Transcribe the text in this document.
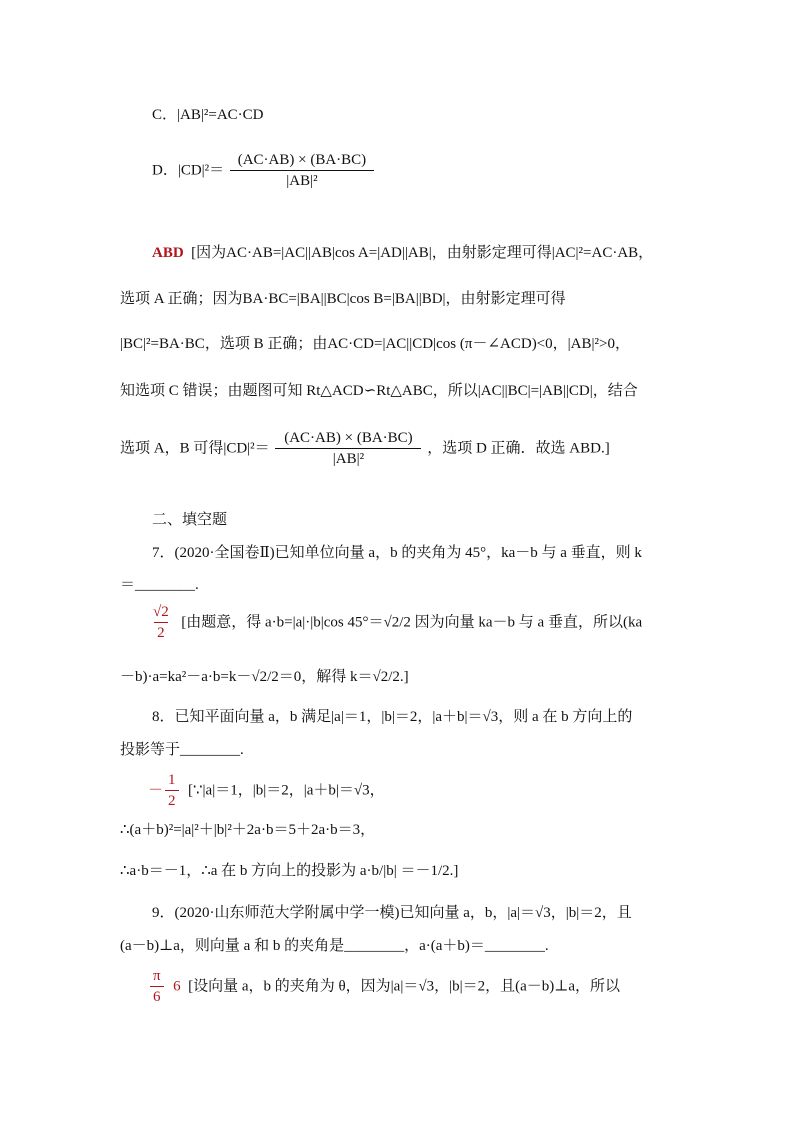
C．|AB|²=AC·CD
D．$|CD|^2= \frac{(AC\cdot AB) \times (BA\cdot BC)}{\text{|AB|²}}$
ABD [因为AC·AB=|AC||AB|cos A=|AD||AB|，由射影定理可得|AC|²=AC·AB，
选项 A 正确；因为BA·BC=|BA||BC|cos B=|BA||BD|，由射影定理可得
|BC|²=BA·BC，选项 B 正确；由AC·CD=|AC||CD|cos (π－∠ACD)<0，|AB|²>0，
知选项 C 错误；由题图可知 Rt△ACD∽Rt△ABC，所以|AC||BC|=|AB||CD|，结合
选项 A，B 可得$|CD|^2= \frac{(AC\cdot AB) \times (BA\cdot BC)}{\text{|AB|²}}$ ，选项 D 正确．故选 ABD.]
二、填空题
7．(2020·全国卷Ⅱ)已知单位向量 a，b 的夹角为 45°，ka－b 与 a 垂直，则 k
＝________.
$\frac{√2}{2}$ [由题意，得 a·b=|a|·|b|cos 45°＝√2/2 因为向量 ka－b 与 a 垂直，所以(ka
－b)·a=ka²－a·b=k－√2/2＝0，解得 k＝√2/2.]
8．已知平面向量 a，b 满足|a|＝1，|b|＝2，|a＋b|＝√3，则 a 在 b 方向上的
投影等于________.
－ $\frac{1}{2}$ [∵|a|＝1，|b|＝2，|a＋b|＝√3，
∴(a＋b)²=|a|²＋|b|²＋2a·b＝5＋2a·b＝3，
∴a·b＝－1，∴a 在 b 方向上的投影为 a·b/|b| ＝－1/2.]
9．(2020·山东师范大学附属中学一模)已知向量 a，b，|a|＝√3，|b|＝2，且
(a－b)⊥a，则向量 a 和 b 的夹角是________，a·(a＋b)＝________.
$\frac{\pi}{6} 6$ [设向量 a，b 的夹角为 θ，因为|a|＝√3，|b|＝2，且(a－b)⊥a，所以
